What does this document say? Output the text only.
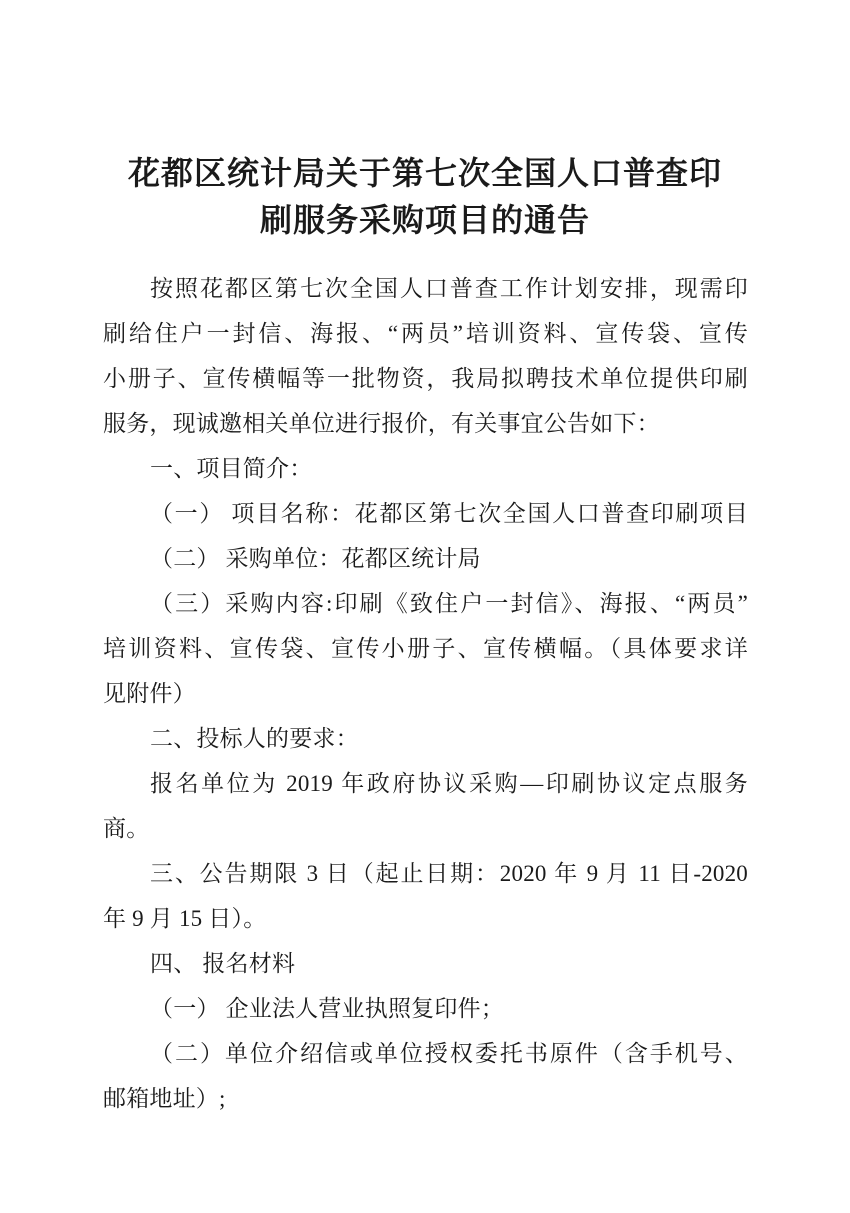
花都区统计局关于第七次全国人口普查印
刷服务采购项目的通告
按照花都区第七次全国人口普查工作计划安排，现需印
刷给住户一封信、海报、“两员”培训资料、宣传袋、宣传
小册子、宣传横幅等一批物资，我局拟聘技术单位提供印刷
服务，现诚邀相关单位进行报价，有关事宜公告如下：
一、项目简介：
（一） 项目名称：花都区第七次全国人口普查印刷项目
（二） 采购单位：花都区统计局
（三）采购内容:印刷《致住户一封信》、海报、“两员”
培训资料、宣传袋、宣传小册子、宣传横幅。（具体要求详
见附件）
二、投标人的要求：
报名单位为 2019 年政府协议采购—印刷协议定点服务
商。
三、公告期限 3 日（起止日期：2020 年 9 月 11 日-2020
年 9 月 15 日）。
四、 报名材料
（一） 企业法人营业执照复印件；
（二）单位介绍信或单位授权委托书原件（含手机号、
邮箱地址）;
